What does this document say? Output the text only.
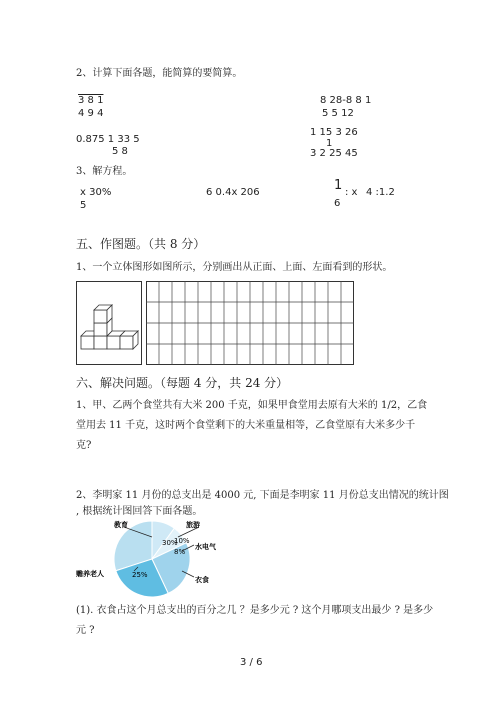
2、计算下面各题，能简算的要简算。
3 8 1
4 9 4
8 28-8 8 1
5 5 12
0.875 1 33 5
5 8
1 15 3 26
1
3 2 25 45
3、解方程。
x 30%
5
6 0.4x 206	1 : x 4 :1.2
6
五、作图题。（共 8 分）
1、一个立体图形如图所示，分别画出从正面、上面、左面看到的形状。
六、解决问题。（每题 4 分，共 24 分）
1、甲、乙两个食堂共有大米 200 千克，如果甲食堂用去原有大米的 1/2，乙食
堂用去 11 千克，这时两个食堂剩下的大米重量相等，乙食堂原有大米多少千
克?
2、李明家 11 月份的总支出是 4000 元, 下面是李明家 11 月份总支出情况的统计图
, 根据统计图回答下面各题。
教育
30%
旅游
10%
水电气
8%
赡养老人	25%	衣食
(1). 衣食占这个月总支出的百分之几 ？是多少元 ? 这个月哪项支出最少 ? 是多少
元 ?
3 / 6
